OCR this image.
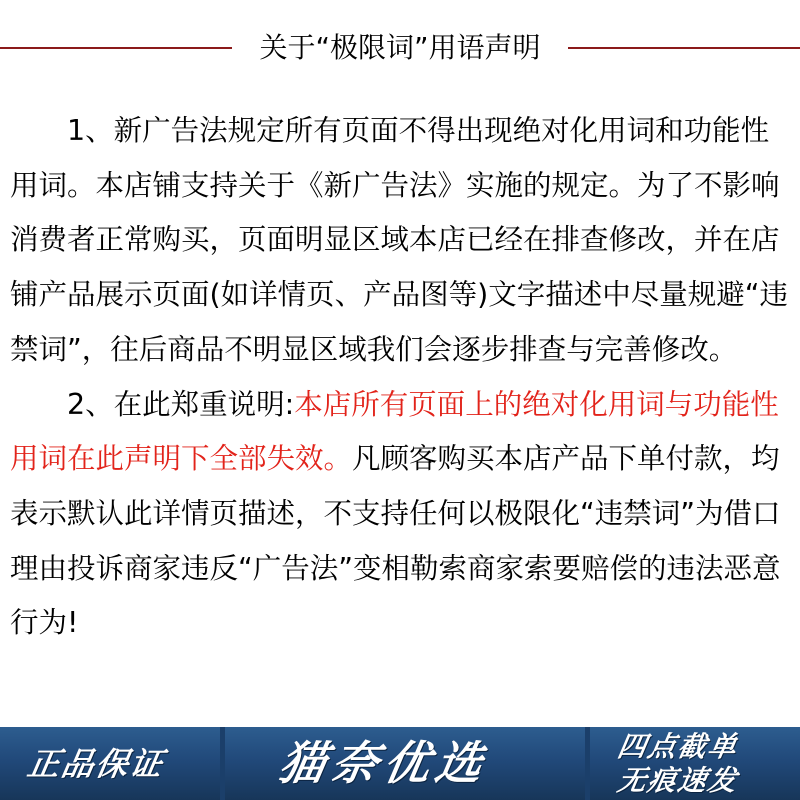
关于“极限词”用语声明

1、新广告法规定所有页面不得出现绝对化用词和功能性用词。本店铺支持关于《新广告法》实施的规定。为了不影响消费者正常购买，页面明显区域本店已经在排查修改，并在店铺产品展示页面(如详情页、产品图等)文字描述中尽量规避“违禁词”，往后商品不明显区域我们会逐步排查与完善修改。

2、在此郑重说明:本店所有页面上的绝对化用词与功能性用词在此声明下全部失效。凡顾客购买本店产品下单付款，均表示默认此详情页描述，不支持任何以极限化“违禁词”为借口理由投诉商家违反“广告法”变相勒索商家索要赔偿的违法恶意行为!

正品保证 猫奈优选	四点截单
无痕速发
